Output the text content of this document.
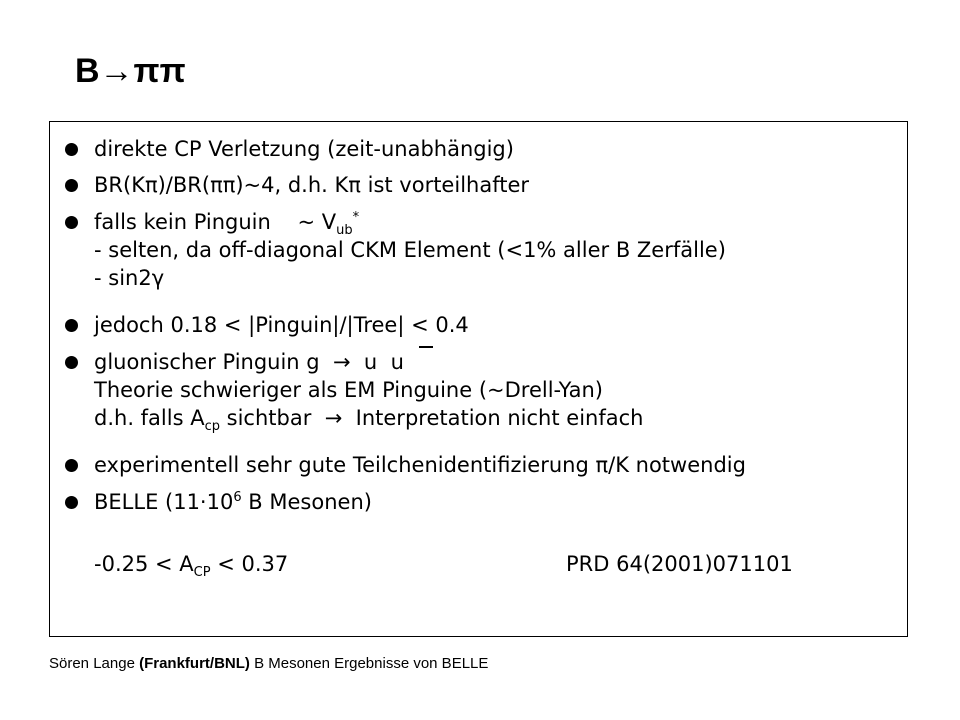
B→ππ
direkte CP Verletzung (zeit-unabhängig)
BR(Kπ)/BR(ππ)~4, d.h. Kπ ist vorteilhafter
falls kein Pinguin    ~ $V_{ub}^*$
- selten, da off-diagonal CKM Element (<1% aller B Zerfälle)
- sin2γ
jedoch 0.18 < |Pinguin|/|Tree| < 0.4
gluonischer Pinguin g  →  u  u
Theorie schwieriger als EM Pinguine (~Drell-Yan)
d.h. falls $A_{cp}$ sichtbar  →  Interpretation nicht einfach
experimentell sehr gute Teilchenidentifizierung π/K notwendig
BELLE ($11\cdot 10^6$ B Mesonen)
$-0.25 < A_{CP} < 0.37$	PRD 64(2001)071101
Sören Lange (Frankfurt/BNL) B Mesonen Ergebnisse von BELLE
